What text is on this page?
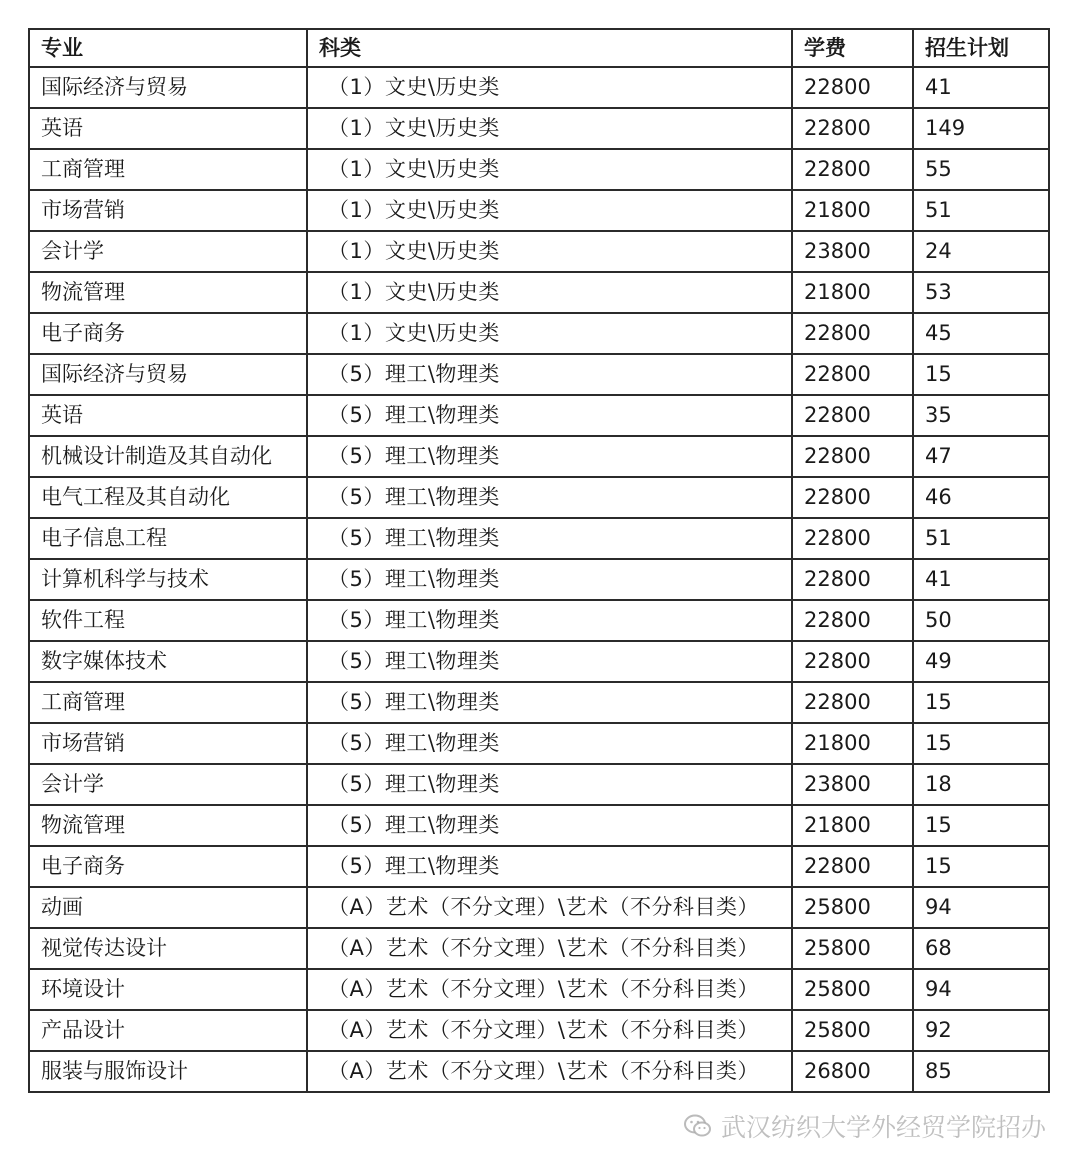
专业	科类	学费	招生计划
国际经济与贸易	（1）文史\历史类	22800	41
英语	（1）文史\历史类	22800	149
工商管理	（1）文史\历史类	22800	55
市场营销	（1）文史\历史类	21800	51
会计学	（1）文史\历史类	23800	24
物流管理	（1）文史\历史类	21800	53
电子商务	（1）文史\历史类	22800	45
国际经济与贸易	（5）理工\物理类	22800	15
英语	（5）理工\物理类	22800	35
机械设计制造及其自动化	（5）理工\物理类	22800	47
电气工程及其自动化	（5）理工\物理类	22800	46
电子信息工程	（5）理工\物理类	22800	51
计算机科学与技术	（5）理工\物理类	22800	41
软件工程	（5）理工\物理类	22800	50
数字媒体技术	（5）理工\物理类	22800	49
工商管理	（5）理工\物理类	22800	15
市场营销	（5）理工\物理类	21800	15
会计学	（5）理工\物理类	23800	18
物流管理	（5）理工\物理类	21800	15
电子商务	（5）理工\物理类	22800	15
动画	（A）艺术（不分文理）\艺术（不分科目类）	25800	94
视觉传达设计	（A）艺术（不分文理）\艺术（不分科目类）	25800	68
环境设计	（A）艺术（不分文理）\艺术（不分科目类）	25800	94
产品设计	（A）艺术（不分文理）\艺术（不分科目类）	25800	92
服装与服饰设计	（A）艺术（不分文理）\艺术（不分科目类）	26800	85
武汉纺织大学外经贸学院招办
